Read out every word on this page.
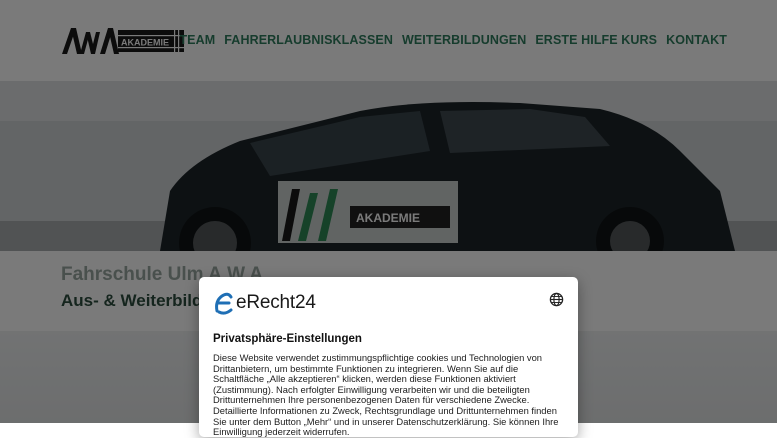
eRecht24
Privatsphäre-Einstellungen
Diese Website verwendet zustimmungspflichtige cookies und Technologien von Drittanbietern, um bestimmte Funktionen zu integrieren. Wenn Sie auf die Schaltfläche „Alle akzeptieren“ klicken, werden diese Funktionen aktiviert (Zustimmung). Nach erfolgter Einwilligung verarbeiten wir und die beteiligten Drittunternehmen Ihre personenbezogenen Daten für verschiedene Zwecke. Detaillierte Informationen zu Zweck, Rechtsgrundlage und Drittunternehmen finden Sie unter dem Button „Mehr“ und in unserer Datenschutzerklärung. Sie können Ihre Einwilligung jederzeit widerrufen.
